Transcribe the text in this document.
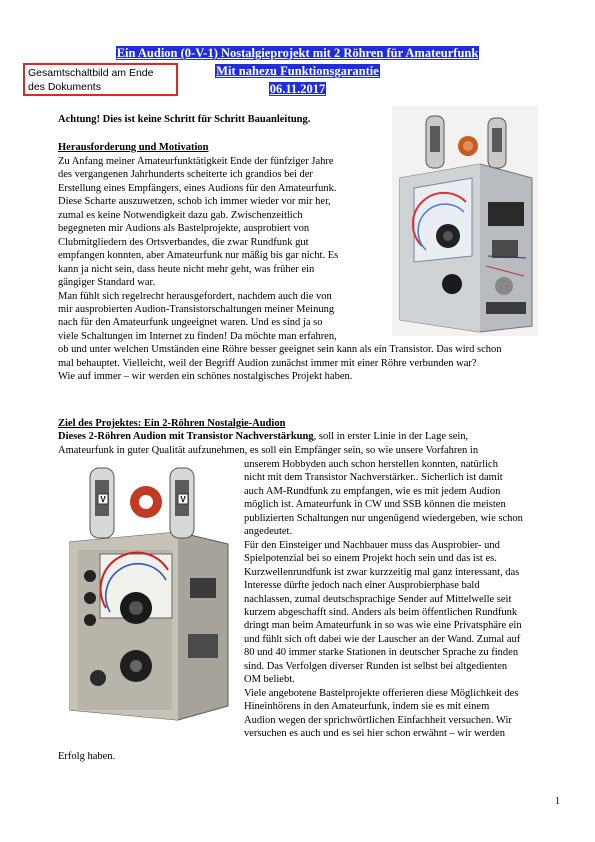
Ein Audion (0-V-1) Nostalgieprojekt mit 2 Röhren für Amateurfunk
Mit nahezu Funktionsgarantie
06.11.2017
Gesamtschaltbild am Ende
des Dokuments
Achtung! Dies ist keine Schritt für Schritt Bauanleitung.
Herausforderung und Motivation
Zu Anfang meiner Amateurfunktätigkeit Ende der fünfziger Jahre
des vergangenen Jahrhunderts scheiterte ich grandios bei der
Erstellung eines Empfängers, eines Audions für den Amateurfunk.
Diese Scharte auszuwetzen, schob ich immer wieder vor mir her,
zumal es keine Notwendigkeit dazu gab. Zwischenzeitlich
begegneten mir Audions als Bastelprojekte, ausprobiert von
Clubmitgliedern des Ortsverbandes, die zwar Rundfunk gut
empfangen konnten, aber Amateurfunk nur mäßig bis gar nicht. Es
kann ja nicht sein, dass heute nicht mehr geht, was früher ein
gängiger Standard war.
Man fühlt sich regelrecht herausgefordert, nachdem auch die von
mir ausprobierten Audion-Transistorschaltungen meiner Meinung
nach für den Amateurfunk ungeeignet waren. Und es sind ja so
viele Schaltungen im Internet zu finden! Da möchte man erfahren,
ob und unter welchen Umständen eine Röhre besser geeignet sein kann als ein Transistor. Das wird schon
mal behauptet. Vielleicht, weil der Begriff Audion zunächst immer mit einer Röhre verbunden war?
Wie auf immer – wir werden ein schönes nostalgisches Projekt haben.
Ziel des Projektes: Ein 2-Röhren Nostalgie-Audion
Dieses 2-Röhren Audion mit Transistor Nachverstärkung, soll in erster Linie in der Lage sein,
Amateurfunk in guter Qualität aufzunehmen, es soll ein Empfänger sein, so wie unsere Vorfahren in
unserem Hobbyden auch schon herstellen konnten, natürlich
nicht mit dem Transistor Nachverstärker.. Sicherlich ist damit
auch AM-Rundfunk zu empfangen, wie es mit jedem Audion
möglich ist. Amateurfunk in CW und SSB können die meisten
publizierten Schaltungen nur ungenügend wiedergeben, wie schon
angedeutet.
Für den Einsteiger und Nachbauer muss das Ausprobier- und
Spielpotenzial bei so einem Projekt hoch sein und das ist es.
Kurzwellenrundfunk ist zwar kurzzeitig mal ganz interessant, das
Interesse dürfte jedoch nach einer Ausprobierphase bald
nachlassen, zumal deutschsprachige Sender auf Mittelwelle seit
kurzem abgeschafft sind. Anders als beim öffentlichen Rundfunk
dringt man beim Amateurfunk in so was wie eine Privatsphäre ein
und fühlt sich oft dabei wie der Lauscher an der Wand. Zumal auf
80 und 40 immer starke Stationen in deutscher Sprache zu finden
sind. Das Verfolgen diverser Runden ist selbst bei altgedienten
OM beliebt.
Viele angebotene Bastelprojekte offerieren diese Möglichkeit des
Hineinhörens in den Amateurfunk, indem sie es mit einem
Audion wegen der sprichwörtlichen Einfachheit versuchen. Wir
versuchen es auch und es sei hier schon erwähnt – wir werden
Erfolg haben.
V	V
1
